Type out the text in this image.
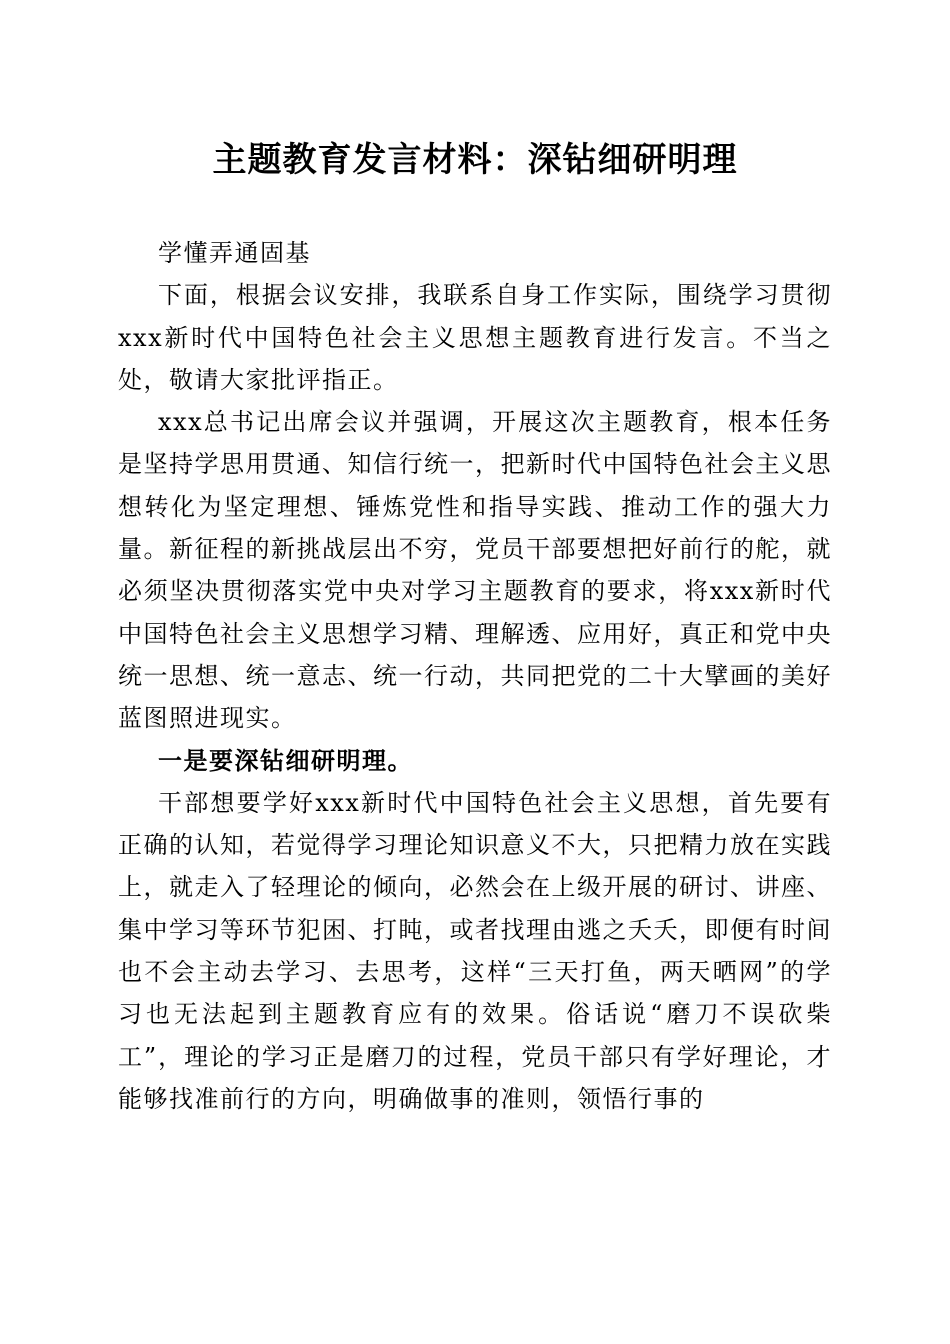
主题教育发言材料：深钻细研明理

学懂弄通固基

下面，根据会议安排，我联系自身工作实际，围绕学习贯彻xxx新时代中国特色社会主义思想主题教育进行发言。不当之处，敬请大家批评指正。

xxx总书记出席会议并强调，开展这次主题教育，根本任务是坚持学思用贯通、知信行统一，把新时代中国特色社会主义思想转化为坚定理想、锤炼党性和指导实践、推动工作的强大力量。新征程的新挑战层出不穷，党员干部要想把好前行的舵，就必须坚决贯彻落实党中央对学习主题教育的要求，将xxx新时代中国特色社会主义思想学习精、理解透、应用好，真正和党中央统一思想、统一意志、统一行动，共同把党的二十大擘画的美好蓝图照进现实。

一是要深钻细研明理。

干部想要学好xxx新时代中国特色社会主义思想，首先要有正确的认知，若觉得学习理论知识意义不大，只把精力放在实践上，就走入了轻理论的倾向，必然会在上级开展的研讨、讲座、集中学习等环节犯困、打盹，或者找理由逃之夭夭，即便有时间也不会主动去学习、去思考，这样“三天打鱼，两天晒网”的学习也无法起到主题教育应有的效果。俗话说“磨刀不误砍柴工”，理论的学习正是磨刀的过程，党员干部只有学好理论，才能够找准前行的方向，明确做事的准则，领悟行事的
